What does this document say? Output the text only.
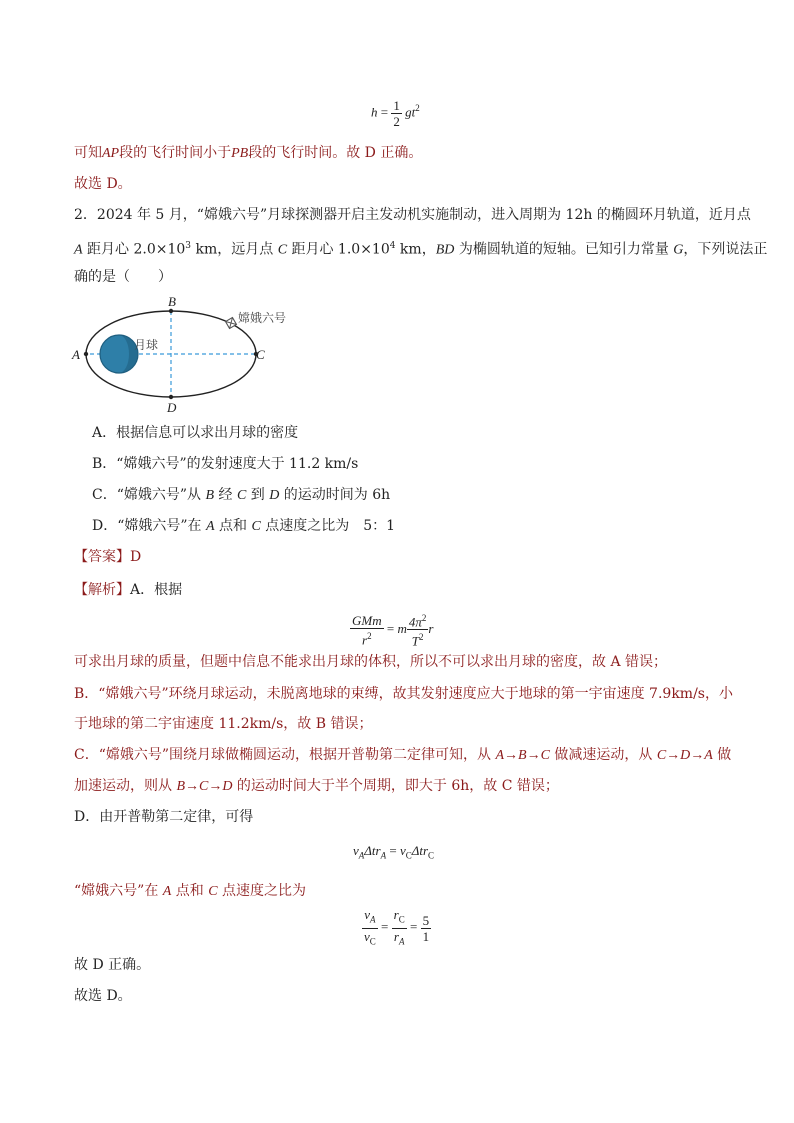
$h = \frac{1}{2} gt^2$
可知AP段的飞行时间小于PB段的飞行时间。故 D 正确。
故选 D。
2．2024 年 5 月，“嫦娥六号”月球探测器开启主发动机实施制动，进入周期为 12h 的椭圆环月轨道，近月点
A 距月心 $2.0\times 10^3$ km，远月点 C 距月心 $1.0\times 10^4$ km，BD 为椭圆轨道的短轴。已知引力常量 G，下列说法正
确的是（　　）
A
B
C
D
月球
嫦娥六号
A．根据信息可以求出月球的密度
B．“嫦娥六号”的发射速度大于 11.2 km/s
C．“嫦娥六号”从 B 经 C 到 D 的运动时间为 6h
D．“嫦娥六号”在 A 点和 C 点速度之比为　5：1
【答案】D
【解析】A．根据
$\frac{\text{GMm}}{r^2} = m \frac{4\pi^2}{T^2}$ r
可求出月球的质量，但题中信息不能求出月球的体积，所以不可以求出月球的密度，故 A 错误；
B．“嫦娥六号”环绕月球运动，未脱离地球的束缚，故其发射速度应大于地球的第一宇宙速度 7.9km/s，小
于地球的第二宇宙速度 11.2km/s，故 B 错误；
C．“嫦娥六号”围绕月球做椭圆运动，根据开普勒第二定律可知，从 A→B→C 做减速运动，从 C→D→A 做
加速运动，则从 B→C→D 的运动时间大于半个周期，即大于 6h，故 C 错误；
D．由开普勒第二定律，可得
$v_A\Delta tr_A = v_C\Delta tr_C$
“嫦娥六号”在 A 点和 C 点速度之比为
$\frac{v_A}{v_C} = \frac{r_C}{r_A} = \frac{5}{1}$
故 D 正确。
故选 D。
